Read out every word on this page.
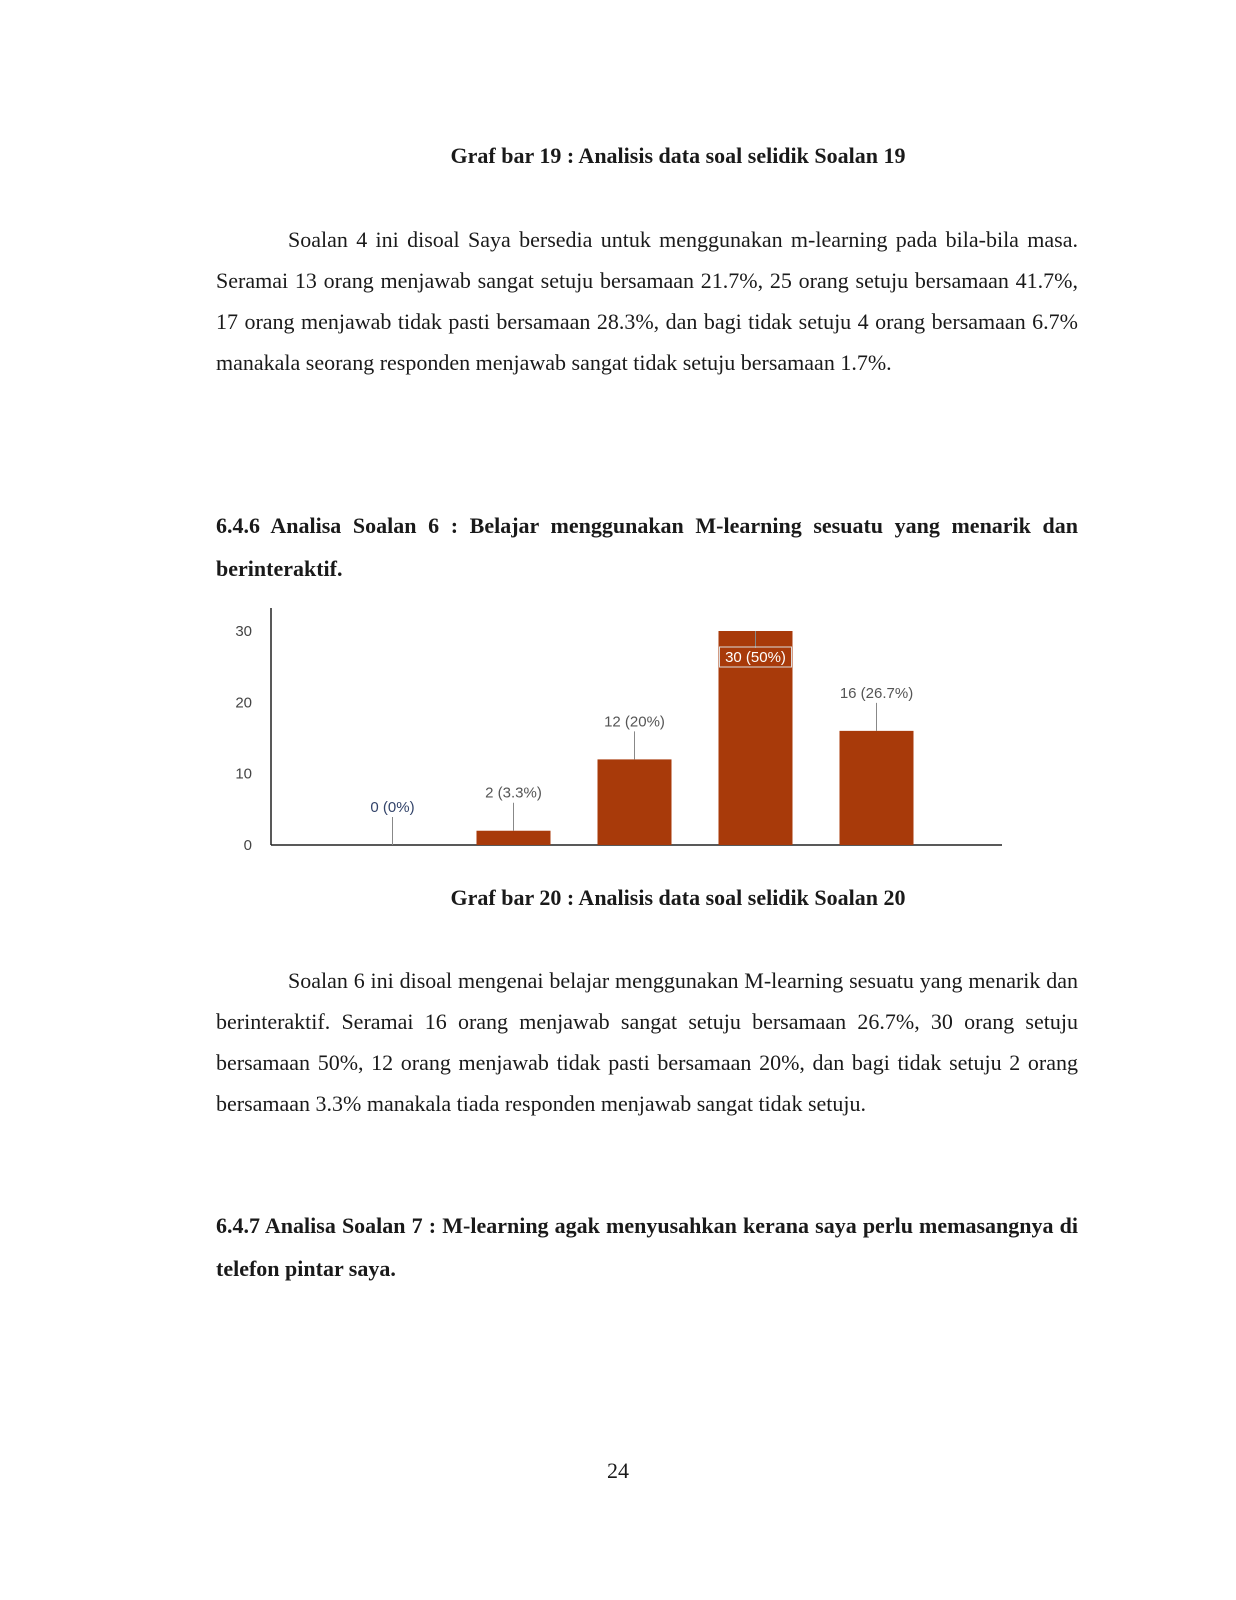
Graf bar 19 : Analisis data soal selidik Soalan 19

Soalan 4 ini disoal Saya bersedia untuk menggunakan m-learning pada bila-bila masa. Seramai 13 orang menjawab sangat setuju bersamaan 21.7%, 25 orang setuju bersamaan 41.7%, 17 orang menjawab tidak pasti bersamaan 28.3%, dan bagi tidak setuju 4 orang bersamaan 6.7% manakala seorang responden menjawab sangat tidak setuju bersamaan 1.7%.

6.4.6 Analisa Soalan 6 : Belajar menggunakan M-learning sesuatu yang menarik dan berinteraktif.

0
10
20
30
0 (0%)
2 (3.3%)
12 (20%)
30 (50%)
16 (26.7%)
Graf bar 20 : Analisis data soal selidik Soalan 20

Soalan 6 ini disoal mengenai belajar menggunakan M-learning sesuatu yang menarik dan berinteraktif. Seramai 16 orang menjawab sangat setuju bersamaan 26.7%, 30 orang setuju bersamaan 50%, 12 orang menjawab tidak pasti bersamaan 20%, dan bagi tidak setuju 2 orang bersamaan 3.3% manakala tiada responden menjawab sangat tidak setuju.

6.4.7 Analisa Soalan 7 : M-learning agak menyusahkan kerana saya perlu memasangnya di telefon pintar saya.

24
